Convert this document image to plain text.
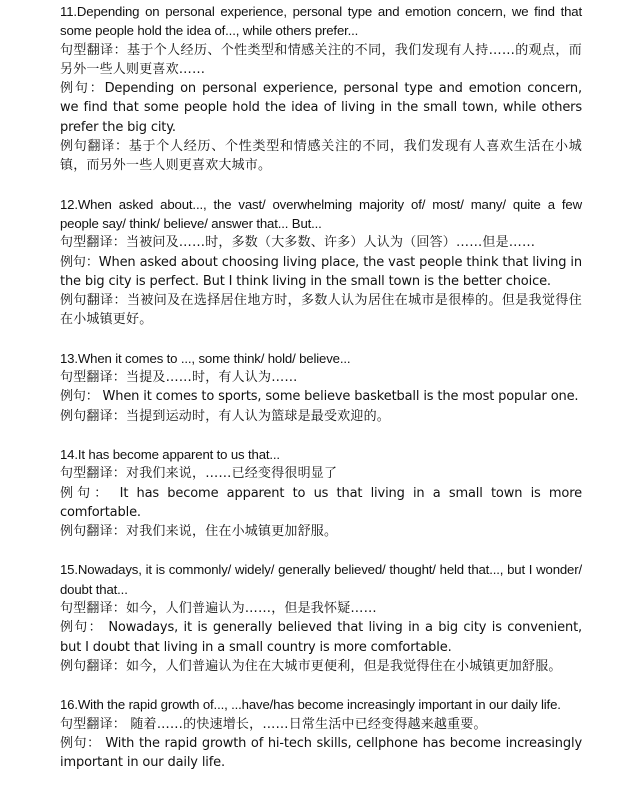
11.Depending on personal experience, personal type and emotion concern, we find that some people hold the idea of..., while others prefer...

句型翻译：基于个人经历、个性类型和情感关注的不同，我们发现有人持……的观点，而另外一些人则更喜欢……

例句：Depending on personal experience, personal type and emotion concern, we find that some people hold the idea of living in the small town, while others prefer the big city.

例句翻译：基于个人经历、个性类型和情感关注的不同，我们发现有人喜欢生活在小城镇，而另外一些人则更喜欢大城市。

12.When asked about..., the vast/ overwhelming majority of/ most/ many/ quite a few people say/ think/ believe/ answer that... But...

句型翻译：当被问及……时，多数（大多数、许多）人认为（回答）……但是……

例句：When asked about choosing living place, the vast people think that living in the big city is perfect. But I think living in the small town is the better choice.

例句翻译：当被问及在选择居住地方时，多数人认为居住在城市是很棒的。但是我觉得住在小城镇更好。

13.When it comes to ..., some think/ hold/ believe...

句型翻译：当提及……时，有人认为……

例句： When it comes to sports, some believe basketball is the most popular one.

例句翻译：当提到运动时，有人认为篮球是最受欢迎的。

14.It has become apparent to us that...

句型翻译：对我们来说，……已经变得很明显了

例句： It has become apparent to us that living in a small town is more comfortable.

例句翻译：对我们来说，住在小城镇更加舒服。

15.Nowadays, it is commonly/ widely/ generally believed/ thought/ held that..., but I wonder/ doubt that...

句型翻译：如今，人们普遍认为……，但是我怀疑……

例句： Nowadays, it is generally believed that living in a big city is convenient, but I doubt that living in a small country is more comfortable.

例句翻译：如今，人们普遍认为住在大城市更便利，但是我觉得住在小城镇更加舒服。

16.With the rapid growth of..., ...have/has become increasingly important in our daily life.

句型翻译： 随着……的快速增长，……日常生活中已经变得越来越重要。

例句： With the rapid growth of hi-tech skills, cellphone has become increasingly important in our daily life.
